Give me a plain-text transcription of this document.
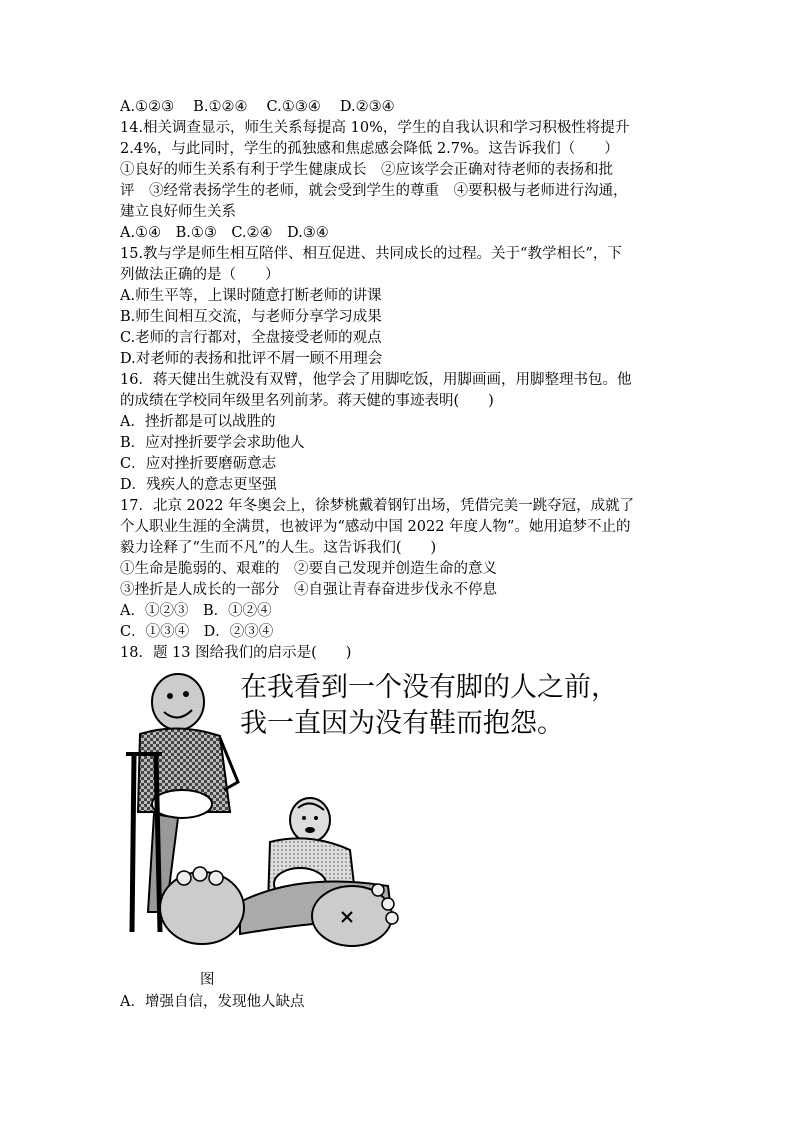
A.①②③　 B.①②④ 　C.①③④ 　D.②③④
14.相关调查显示，师生关系每提高 10%，学生的自我认识和学习积极性将提升
2.4%，与此同时，学生的孤独感和焦虑感会降低 2.7%。这告诉我们（　　）
①良好的师生关系有利于学生健康成长　②应该学会正确对待老师的表扬和批
评　③经常表扬学生的老师，就会受到学生的尊重　④要积极与老师进行沟通，
建立良好师生关系
A.①④　B.①③　C.②④　D.③④
15.教与学是师生相互陪伴、相互促进、共同成长的过程。关于“教学相长”，下
列做法正确的是（　　）
A.师生平等，上课时随意打断老师的讲课
B.师生间相互交流，与老师分享学习成果
C.老师的言行都对，全盘接受老师的观点
D.对老师的表扬和批评不屑一顾不用理会
16．蒋天健出生就没有双臂，他学会了用脚吃饭，用脚画画，用脚整理书包。他
的成绩在学校同年级里名列前茅。蒋天健的事迹表明(　　)
A．挫折都是可以战胜的
B．应对挫折要学会求助他人
C．应对挫折要磨砺意志
D．残疾人的意志更坚强
17．北京 2022 年冬奥会上，徐梦桃戴着钢钉出场，凭借完美一跳夺冠，成就了
个人职业生涯的全满贯，也被评为“感动中国 2022 年度人物”。她用追梦不止的
毅力诠释了“生而不凡”的人生。这告诉我们(　　)
①生命是脆弱的、艰难的　②要自己发现并创造生命的意义
③挫折是人成长的一部分　④自强让青春奋进步伐永不停息
A．①②③　B．①②④
C．①③④　D．②③④
18．题 13 图给我们的启示是(　　)
在我看到一个没有脚的人之前，
我一直因为没有鞋而抱怨。
图
A．增强自信，发现他人缺点
